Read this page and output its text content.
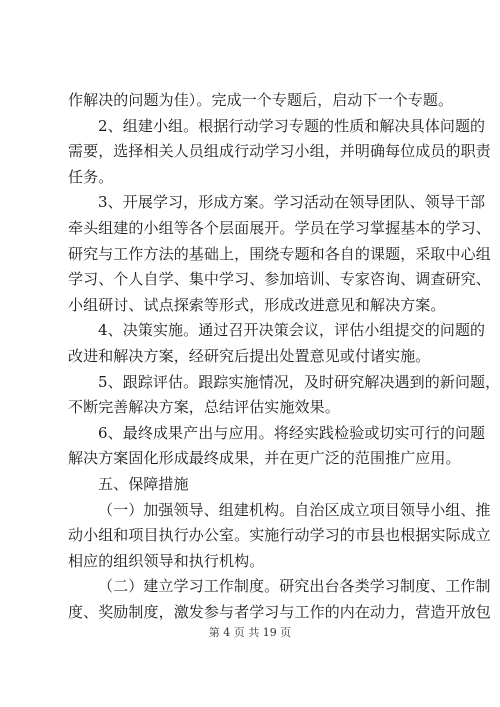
作解决的问题为佳）。完成一个专题后，启动下一个专题。
2、组建小组。根据行动学习专题的性质和解决具体问题的
需要，选择相关人员组成行动学习小组，并明确每位成员的职责
任务。
3、开展学习，形成方案。学习活动在领导团队、领导干部
牵头组建的小组等各个层面展开。学员在学习掌握基本的学习、
研究与工作方法的基础上，围绕专题和各自的课题，采取中心组
学习、个人自学、集中学习、参加培训、专家咨询、调查研究、
小组研讨、试点探索等形式，形成改进意见和解决方案。
4、决策实施。通过召开决策会议，评估小组提交的问题的
改进和解决方案，经研究后提出处置意见或付诸实施。
5、跟踪评估。跟踪实施情况，及时研究解决遇到的新问题，
不断完善解决方案，总结评估实施效果。
6、最终成果产出与应用。将经实践检验或切实可行的问题
解决方案固化形成最终成果，并在更广泛的范围推广应用。
五、保障措施
（一）加强领导、组建机构。自治区成立项目领导小组、推
动小组和项目执行办公室。实施行动学习的市县也根据实际成立
相应的组织领导和执行机构。
（二）建立学习工作制度。研究出台各类学习制度、工作制
度、奖励制度，激发参与者学习与工作的内在动力，营造开放包
第 4 页 共 19 页
